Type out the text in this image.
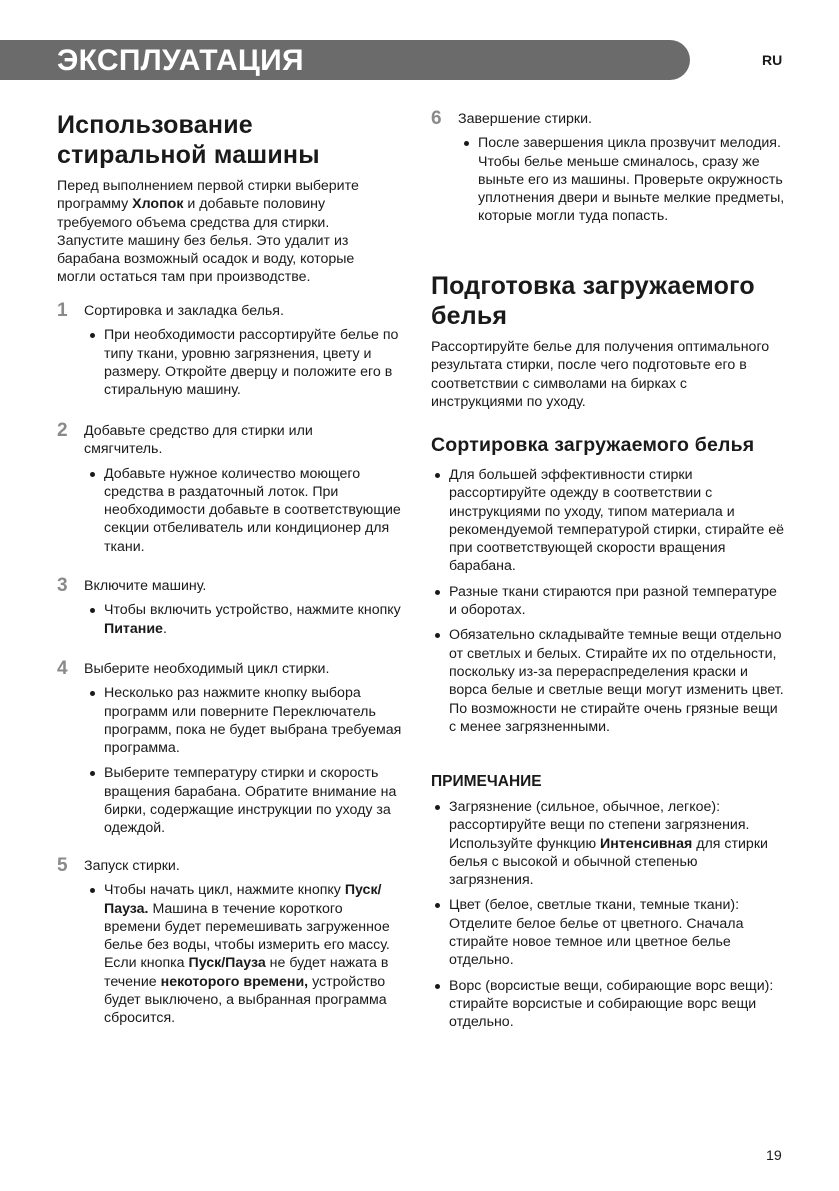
ЭКСПЛУАТАЦИЯ	RU
Использование стиральной машины

Перед выполнением первой стирки выберите программу Хлопок и добавьте половину требуемого объема средства для стирки. Запустите машину без белья. Это удалит из барабана возможный осадок и воду, которые могли остаться там при производстве.

1	Сортировка и закладка белья.
При необходимости рассортируйте белье по типу ткани, уровню загрязнения, цвету и размеру. Откройте дверцу и положите его в стиральную машину.
2	Добавьте средство для стирки или смягчитель.
Добавьте нужное количество моющего средства в раздаточный лоток. При необходимости добавьте в соответствующие секции отбеливатель или кондиционер для ткани.
3	Включите машину.
Чтобы включить устройство, нажмите кнопку Питание.
4	Выберите необходимый цикл стирки.
Несколько раз нажмите кнопку выбора программ или поверните Переключатель программ, пока не будет выбрана требуемая программа.
Выберите температуру стирки и скорость вращения барабана. Обратите внимание на бирки, содержащие инструкции по уходу за одеждой.
5	Запуск стирки.
Чтобы начать цикл, нажмите кнопку Пуск/Пауза. Машина в течение короткого времени будет перемешивать загруженное белье без воды, чтобы измерить его массу. Если кнопка Пуск/Пауза не будет нажата в течение некоторого времени, устройство будет выключено, а выбранная программа сбросится.
6	Завершение стирки.
После завершения цикла прозвучит мелодия. Чтобы белье меньше сминалось, сразу же выньте его из машины. Проверьте окружность уплотнения двери и выньте мелкие предметы, которые могли туда попасть.
Подготовка загружаемого белья

Рассортируйте белье для получения оптимального результата стирки, после чего подготовьте его в соответствии с символами на бирках с инструкциями по уходу.

Сортировка загружаемого белья
Для большей эффективности стирки рассортируйте одежду в соответствии с инструкциями по уходу, типом материала и рекомендуемой температурой стирки, стирайте её при соответствующей скорости вращения барабана.
Разные ткани стираются при разной температуре и оборотах.
Обязательно складывайте темные вещи отдельно от светлых и белых. Стирайте их по отдельности, поскольку из-за перераспределения краски и ворса белые и светлые вещи могут изменить цвет. По возможности не стирайте очень грязные вещи с менее загрязненными.
ПРИМЕЧАНИЕ
Загрязнение (сильное, обычное, легкое): рассортируйте вещи по степени загрязнения. Используйте функцию Интенсивная для стирки белья с высокой и обычной степенью загрязнения.
Цвет (белое, светлые ткани, темные ткани): Отделите белое белье от цветного. Сначала стирайте новое темное или цветное белье отдельно.
Ворс (ворсистые вещи, собирающие ворс вещи): стирайте ворсистые и собирающие ворс вещи отдельно.
19
